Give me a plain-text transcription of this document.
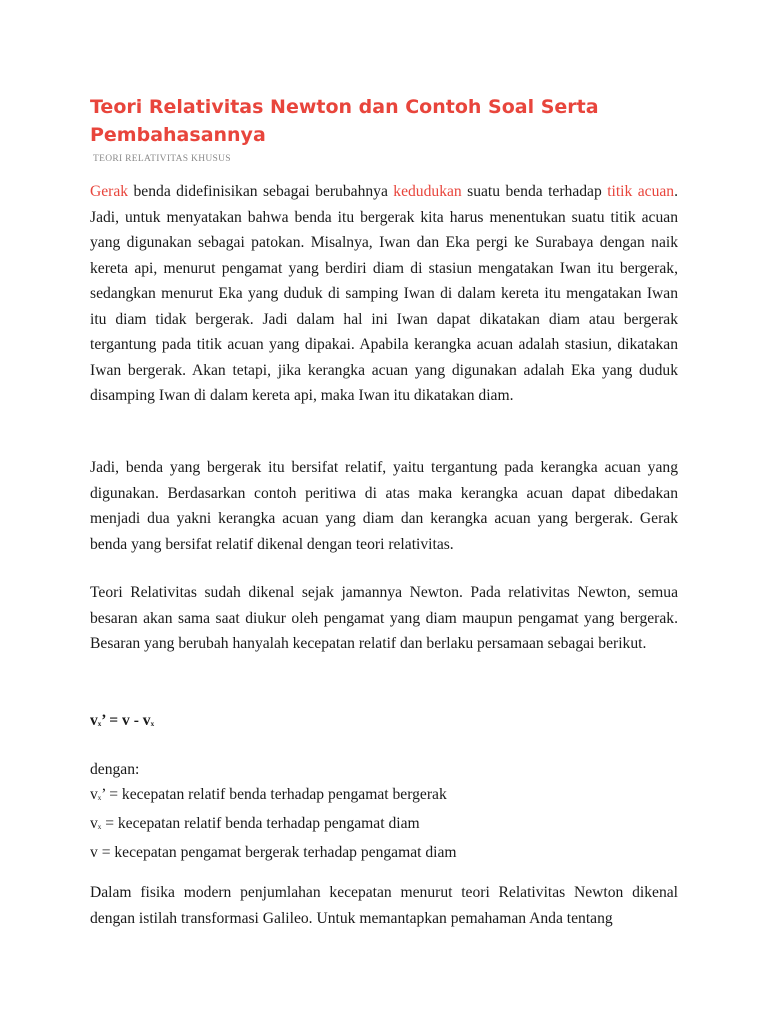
Teori Relativitas Newton dan Contoh Soal Serta Pembahasannya
TEORI RELATIVITAS KHUSUS

Gerak benda didefinisikan sebagai berubahnya kedudukan suatu benda terhadap titik acuan. Jadi, untuk menyatakan bahwa benda itu bergerak kita harus menentukan suatu titik acuan yang digunakan sebagai patokan. Misalnya, Iwan dan Eka pergi ke Surabaya dengan naik kereta api, menurut pengamat yang berdiri diam di stasiun mengatakan Iwan itu bergerak, sedangkan menurut Eka yang duduk di samping Iwan di dalam kereta itu mengatakan Iwan itu diam tidak bergerak. Jadi dalam hal ini Iwan dapat dikatakan diam atau bergerak tergantung pada titik acuan yang dipakai. Apabila kerangka acuan adalah stasiun, dikatakan Iwan bergerak. Akan tetapi, jika kerangka acuan yang digunakan adalah Eka yang duduk disamping Iwan di dalam kereta api, maka Iwan itu dikatakan diam.

Jadi, benda yang bergerak itu bersifat relatif, yaitu tergantung pada kerangka acuan yang digunakan. Berdasarkan contoh peritiwa di atas maka kerangka acuan dapat dibedakan menjadi dua yakni kerangka acuan yang diam dan kerangka acuan yang bergerak. Gerak benda yang bersifat relatif dikenal dengan teori relativitas.

Teori Relativitas sudah dikenal sejak jamannya Newton. Pada relativitas Newton, semua besaran akan sama saat diukur oleh pengamat yang diam maupun pengamat yang bergerak. Besaran yang berubah hanyalah kecepatan relatif dan berlaku persamaan sebagai berikut.

vx’ = v - vx

dengan:
vx’ = kecepatan relatif benda terhadap pengamat bergerak
vx = kecepatan relatif benda terhadap pengamat diam
v = kecepatan pengamat bergerak terhadap pengamat diam

Dalam fisika modern penjumlahan kecepatan menurut teori Relativitas Newton dikenal dengan istilah transformasi Galileo. Untuk memantapkan pemahaman Anda tentang
